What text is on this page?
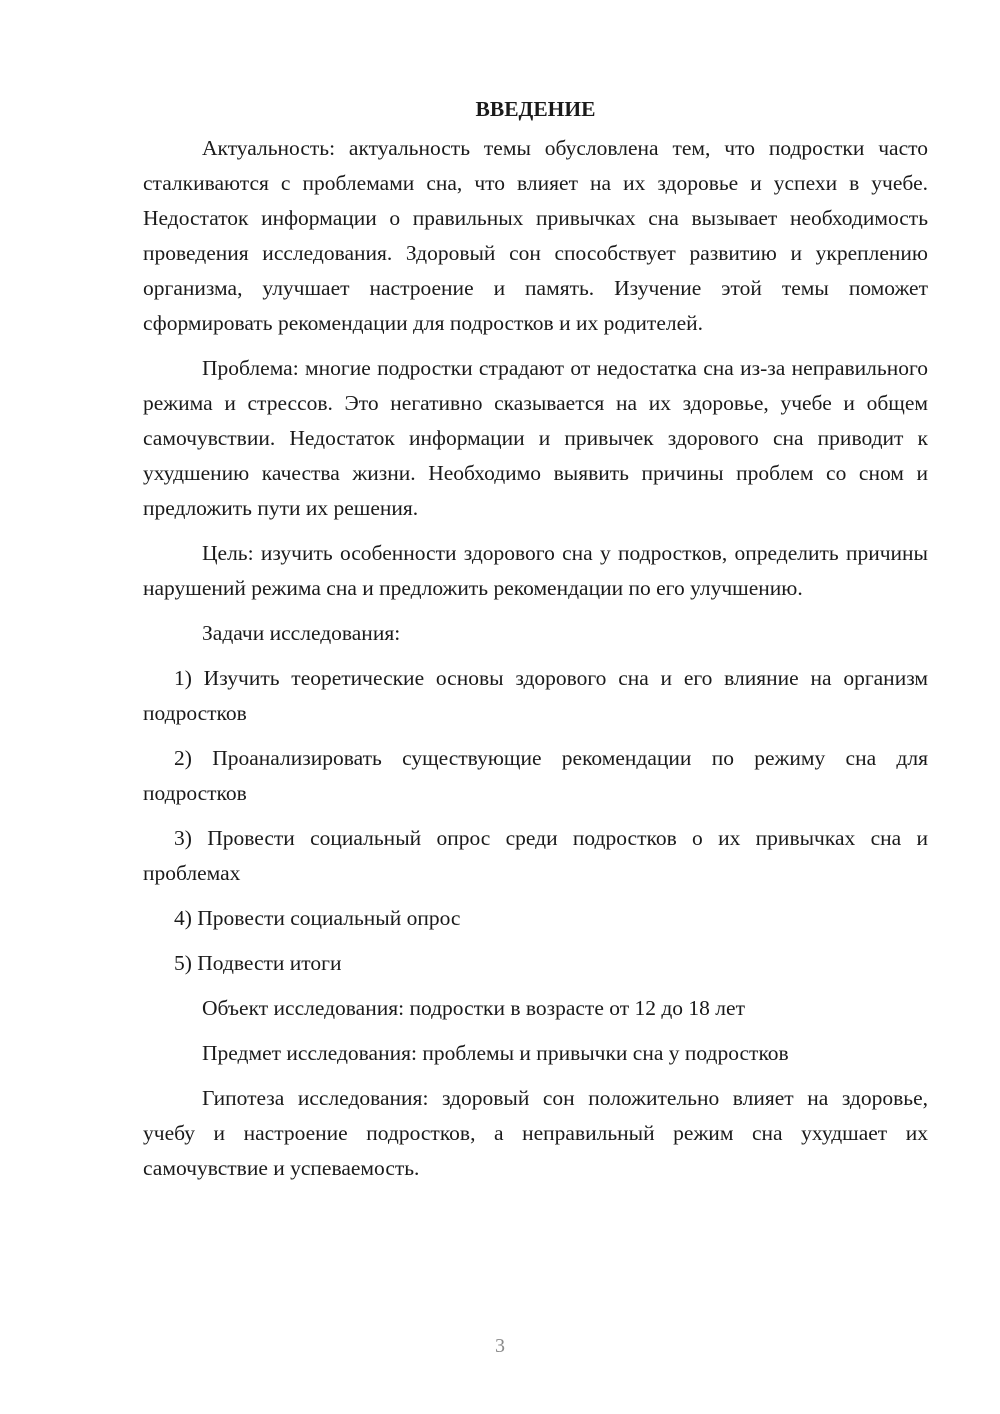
ВВЕДЕНИЕ

Актуальность: актуальность темы обусловлена тем, что подростки часто сталкиваются с проблемами сна, что влияет на их здоровье и успехи в учебе. Недостаток информации о правильных привычках сна вызывает необходимость проведения исследования. Здоровый сон способствует развитию и укреплению организма, улучшает настроение и память. Изучение этой темы поможет сформировать рекомендации для подростков и их родителей.

Проблема: многие подростки страдают от недостатка сна из-за неправильного режима и стрессов. Это негативно сказывается на их здоровье, учебе и общем самочувствии. Недостаток информации и привычек здорового сна приводит к ухудшению качества жизни. Необходимо выявить причины проблем со сном и предложить пути их решения.

Цель: изучить особенности здорового сна у подростков, определить причины нарушений режима сна и предложить рекомендации по его улучшению.

Задачи исследования:

1) Изучить теоретические основы здорового сна и его влияние на организм подростков

2) Проанализировать существующие рекомендации по режиму сна для подростков

3) Провести социальный опрос среди подростков о их привычках сна и проблемах

4) Провести социальный опрос

5) Подвести итоги

Объект исследования: подростки в возрасте от 12 до 18 лет

Предмет исследования: проблемы и привычки сна у подростков

Гипотеза исследования: здоровый сон положительно влияет на здоровье, учебу и настроение подростков, а неправильный режим сна ухудшает их самочувствие и успеваемость.

3
